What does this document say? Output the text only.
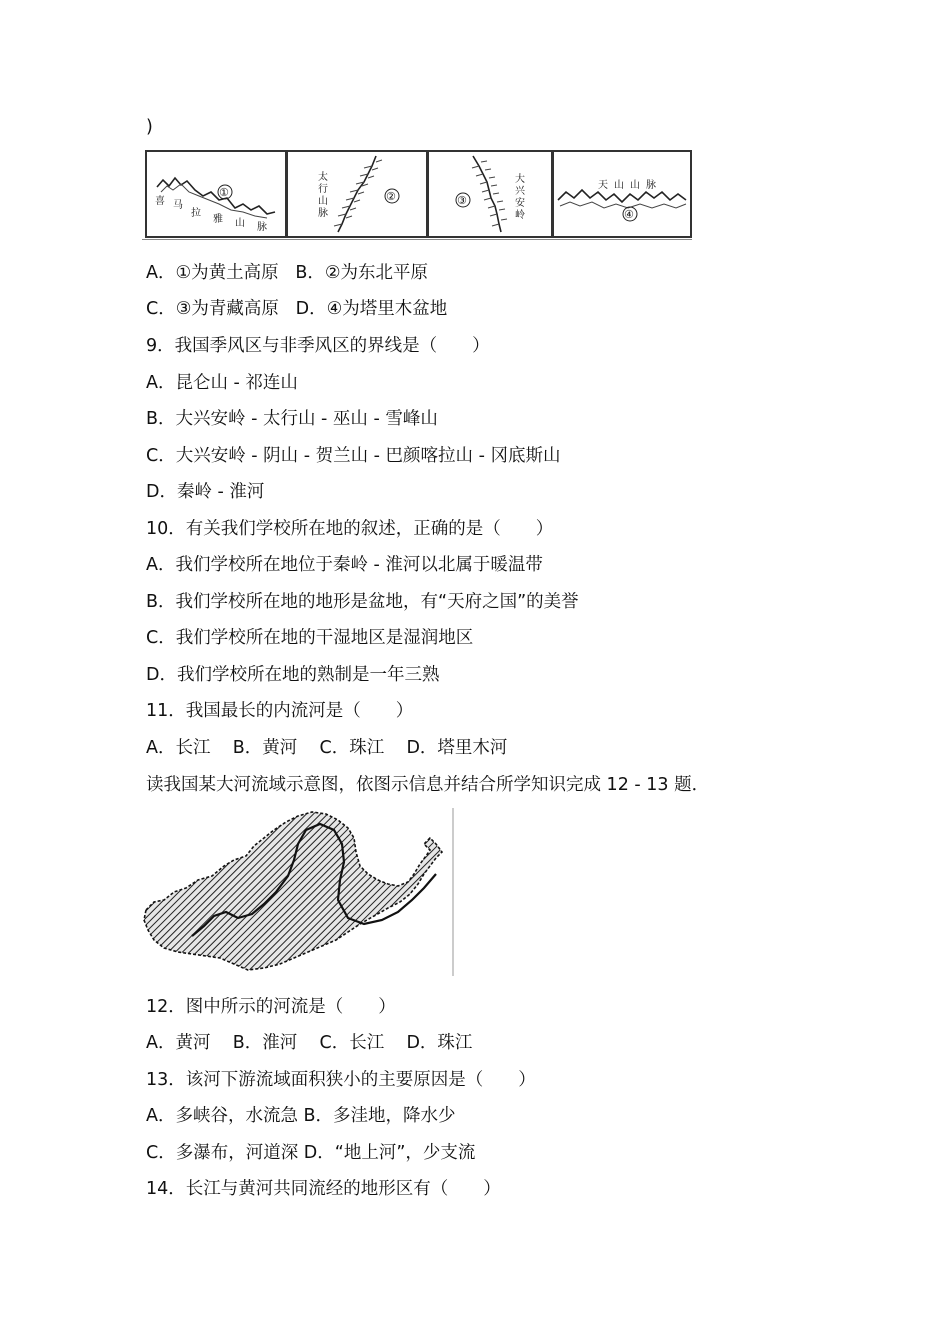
)
①
喜 马
拉
雅 山 脉
②
太
行
山
脉
③
大
兴
安
岭
天 山 山 脉
④
A．①为黄土高原   B．②为东北平原
C．③为青藏高原   D．④为塔里木盆地
9．我国季风区与非季风区的界线是（　　）
A．昆仑山 - 祁连山
B．大兴安岭 - 太行山 - 巫山 - 雪峰山
C．大兴安岭 - 阴山 - 贺兰山 - 巴颜喀拉山 - 冈底斯山
D．秦岭 - 淮河
10．有关我们学校所在地的叙述，正确的是（　　）
A．我们学校所在地位于秦岭 - 淮河以北属于暖温带
B．我们学校所在地的地形是盆地，有“天府之国”的美誉
C．我们学校所在地的干湿地区是湿润地区
D．我们学校所在地的熟制是一年三熟
11．我国最长的内流河是（　　）
A．长江    B．黄河    C．珠江    D．塔里木河
读我国某大河流域示意图，依图示信息并结合所学知识完成 12 - 13 题．
12．图中所示的河流是（　　）
A．黄河    B．淮河    C．长江    D．珠江
13．该河下游流域面积狭小的主要原因是（　　）
A．多峡谷，水流急 B．多洼地，降水少
C．多瀑布，河道深 D．“地上河”，少支流
14．长江与黄河共同流经的地形区有（　　）
